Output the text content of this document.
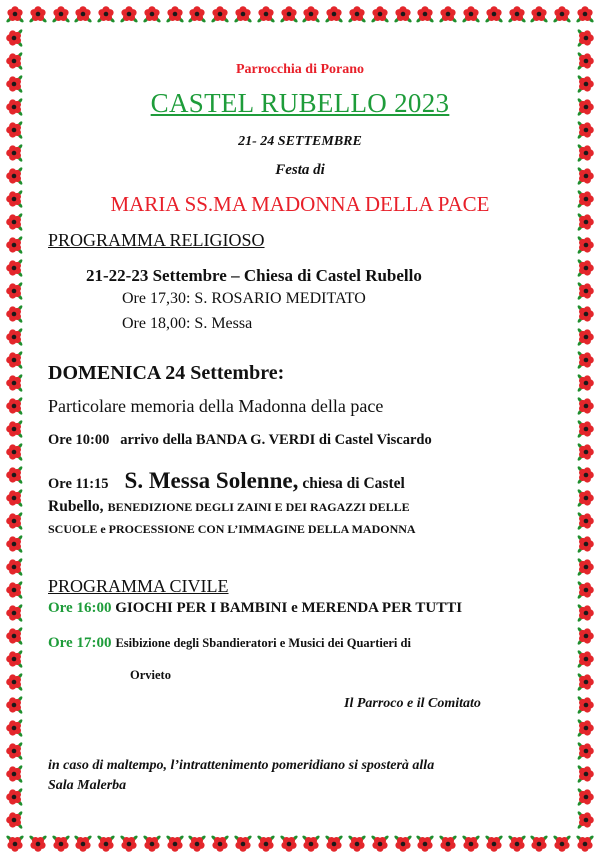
Parrocchia di Porano
CASTEL RUBELLO 2023
21- 24 SETTEMBRE
Festa di
MARIA SS.MA MADONNA DELLA PACE
PROGRAMMA RELIGIOSO
21-22-23 Settembre – Chiesa di Castel Rubello
Ore 17,30: S. ROSARIO MEDITATO
Ore 18,00: S. Messa
DOMENICA 24 Settembre:
Particolare memoria della Madonna della pace
Ore 10:00 arrivo della BANDA G. VERDI di Castel Viscardo
Ore 11:15 S. Messa Solenne, chiesa di Castel
Rubello, BENEDIZIONE DEGLI ZAINI E DEI RAGAZZI DELLE
SCUOLE e PROCESSIONE CON L’IMMAGINE DELLA MADONNA
PROGRAMMA CIVILE
Ore 16:00 GIOCHI PER I BAMBINI e MERENDA PER TUTTI
Ore 17:00 Esibizione degli Sbandieratori e Musici dei Quartieri di
Orvieto
Il Parroco e il Comitato
in caso di maltempo, l’intrattenimento pomeridiano si sposterà alla
Sala Malerba
